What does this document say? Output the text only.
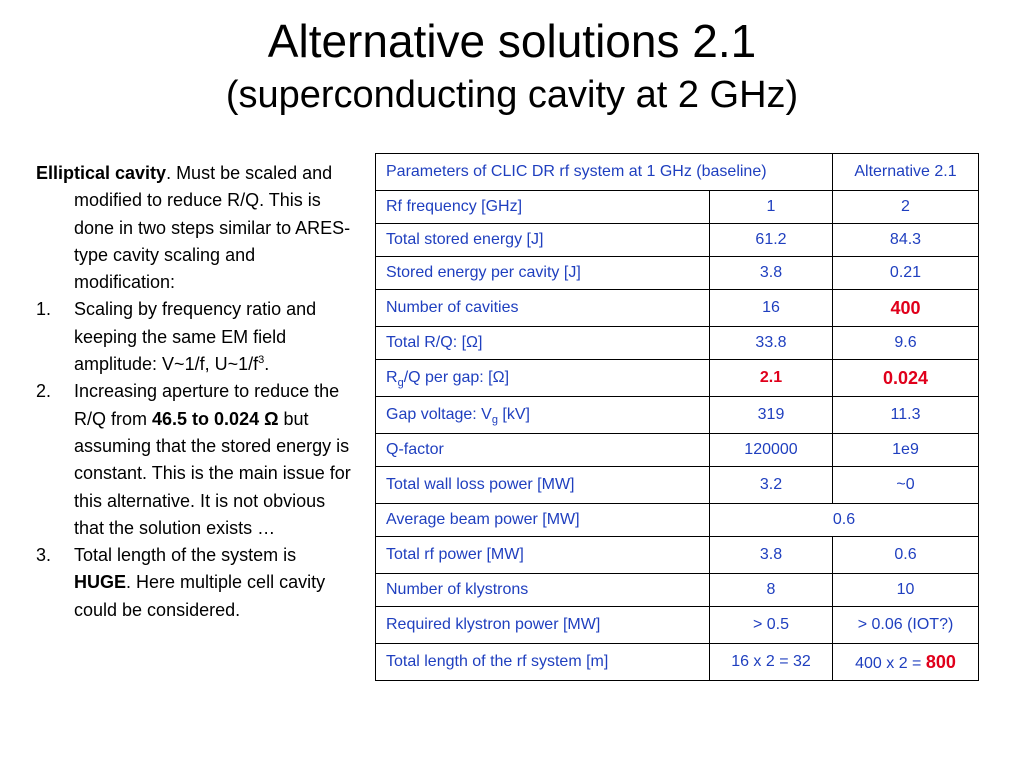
Alternative solutions 2.1
(superconducting cavity at 2 GHz)

Elliptical cavity. Must be scaled and modified to reduce R/Q. This is done in two steps similar to ARES-type cavity scaling and modification:

1. Scaling by frequency ratio and keeping the same EM field amplitude: V~1/f, $U\sim 1/f^3$.
2. Increasing aperture to reduce the R/Q from 46.5 to 0.024 Ω but assuming that the stored energy is constant. This is the main issue for this alternative. It is not obvious that the solution exists …
3. Total length of the system is HUGE. Here multiple cell cavity could be considered.
Parameters of CLIC DR rf system at 1 GHz (baseline)		Alternative 2.1
Rf frequency [GHz]	1	2
Total stored energy [J]	61.2	84.3
Stored energy per cavity [J]	3.8	0.21
Number of cavities	16	400
Total R/Q: [Ω]	33.8	9.6
$R_g/Q$ per gap: [Ω]	2.1	0.024
Gap voltage: $V_g$ [kV]	319	11.3
Q-factor	120000	1e9
Total wall loss power [MW]	3.2	~0
Average beam power [MW]	0.6	
Total rf power [MW]	3.8	0.6
Number of klystrons	8	10
Required klystron power [MW]	> 0.5	> 0.06 (IOT?)
Total length of the rf system [m]	16 x 2 = 32	400 x 2 = 800
